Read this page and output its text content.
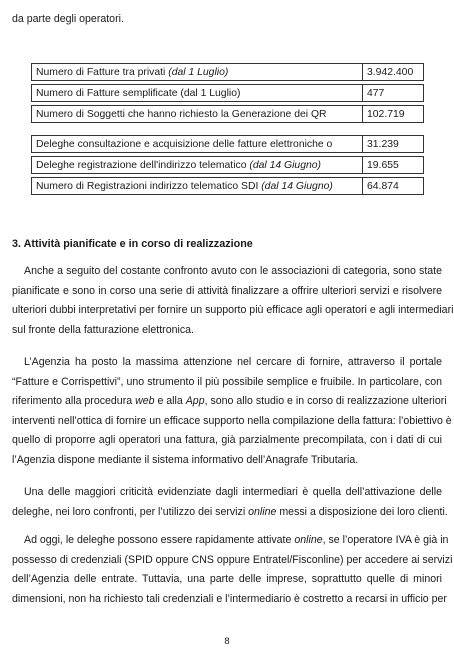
da parte degli operatori.
Numero di Fatture tra privati (dal 1 Luglio)	3.942.400

Numero di Fatture semplificate (dal 1 Luglio)	477

Numero di Soggetti che hanno richiesto la Generazione dei QR	102.719

Deleghe consultazione e acquisizione delle fatture elettroniche o	31.239

Deleghe registrazione dell'indirizzo telematico (dal 14 Giugno)	19.655

Numero di Registrazioni indirizzo telematico SDI (dal 14 Giugno)	64.874
3. Attività pianificate e in corso di realizzazione
Anche a seguito del costante confronto avuto con le associazioni di categoria, sono state
pianificate e sono in corso una serie di attività finalizzare a offrire ulteriori servizi e risolvere
ulteriori dubbi interpretativi per fornire un supporto più efficace agli operatori e agli intermediari
sul fronte della fatturazione elettronica.
L’Agenzia ha posto la massima attenzione nel cercare di fornire, attraverso il portale
“Fatture e Corrispettivi”, uno strumento il più possibile semplice e fruibile. In particolare, con
riferimento alla procedura web e alla App, sono allo studio e in corso di realizzazione ulteriori
interventi nell’ottica di fornire un efficace supporto nella compilazione della fattura: l’obiettivo è
quello di proporre agli operatori una fattura, già parzialmente precompilata, con i dati di cui
l’Agenzia dispone mediante il sistema informativo dell’Anagrafe Tributaria.
Una delle maggiori criticità evidenziate dagli intermediari è quella dell’attivazione delle
deleghe, nei loro confronti, per l’utilizzo dei servizi online messi a disposizione dei loro clienti.
Ad oggi, le deleghe possono essere rapidamente attivate online, se l’operatore IVA è già in
possesso di credenziali (SPID oppure CNS oppure Entratel/Fisconline) per accedere ai servizi
dell’Agenzia delle entrate. Tuttavia, una parte delle imprese, soprattutto quelle di minori
dimensioni, non ha richiesto tali credenziali e l’intermediario è costretto a recarsi in ufficio per
8
